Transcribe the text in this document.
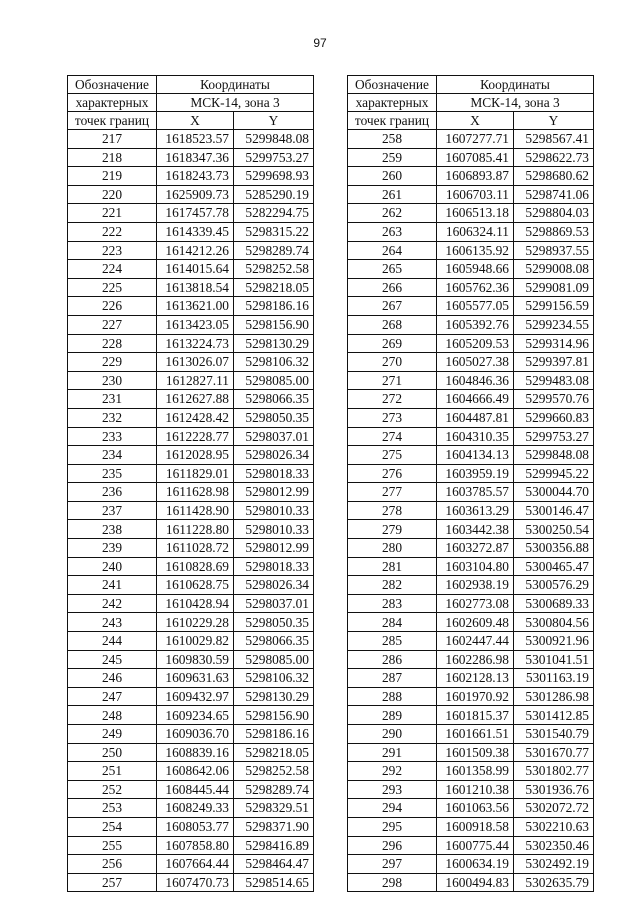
97
Обозначение	Координаты	
характерных	МСК-14, зона 3	
точек границ	X	Y
217	1618523.57	5299848.08
218	1618347.36	5299753.27
219	1618243.73	5299698.93
220	1625909.73	5285290.19
221	1617457.78	5282294.75
222	1614339.45	5298315.22
223	1614212.26	5298289.74
224	1614015.64	5298252.58
225	1613818.54	5298218.05
226	1613621.00	5298186.16
227	1613423.05	5298156.90
228	1613224.73	5298130.29
229	1613026.07	5298106.32
230	1612827.11	5298085.00
231	1612627.88	5298066.35
232	1612428.42	5298050.35
233	1612228.77	5298037.01
234	1612028.95	5298026.34
235	1611829.01	5298018.33
236	1611628.98	5298012.99
237	1611428.90	5298010.33
238	1611228.80	5298010.33
239	1611028.72	5298012.99
240	1610828.69	5298018.33
241	1610628.75	5298026.34
242	1610428.94	5298037.01
243	1610229.28	5298050.35
244	1610029.82	5298066.35
245	1609830.59	5298085.00
246	1609631.63	5298106.32
247	1609432.97	5298130.29
248	1609234.65	5298156.90
249	1609036.70	5298186.16
250	1608839.16	5298218.05
251	1608642.06	5298252.58
252	1608445.44	5298289.74
253	1608249.33	5298329.51
254	1608053.77	5298371.90
255	1607858.80	5298416.89
256	1607664.44	5298464.47
257	1607470.73	5298514.65
Обозначение	Координаты	
характерных	МСК-14, зона 3	
точек границ	X	Y
258	1607277.71	5298567.41
259	1607085.41	5298622.73
260	1606893.87	5298680.62
261	1606703.11	5298741.06
262	1606513.18	5298804.03
263	1606324.11	5298869.53
264	1606135.92	5298937.55
265	1605948.66	5299008.08
266	1605762.36	5299081.09
267	1605577.05	5299156.59
268	1605392.76	5299234.55
269	1605209.53	5299314.96
270	1605027.38	5299397.81
271	1604846.36	5299483.08
272	1604666.49	5299570.76
273	1604487.81	5299660.83
274	1604310.35	5299753.27
275	1604134.13	5299848.08
276	1603959.19	5299945.22
277	1603785.57	5300044.70
278	1603613.29	5300146.47
279	1603442.38	5300250.54
280	1603272.87	5300356.88
281	1603104.80	5300465.47
282	1602938.19	5300576.29
283	1602773.08	5300689.33
284	1602609.48	5300804.56
285	1602447.44	5300921.96
286	1602286.98	5301041.51
287	1602128.13	5301163.19
288	1601970.92	5301286.98
289	1601815.37	5301412.85
290	1601661.51	5301540.79
291	1601509.38	5301670.77
292	1601358.99	5301802.77
293	1601210.38	5301936.76
294	1601063.56	5302072.72
295	1600918.58	5302210.63
296	1600775.44	5302350.46
297	1600634.19	5302492.19
298	1600494.83	5302635.79
